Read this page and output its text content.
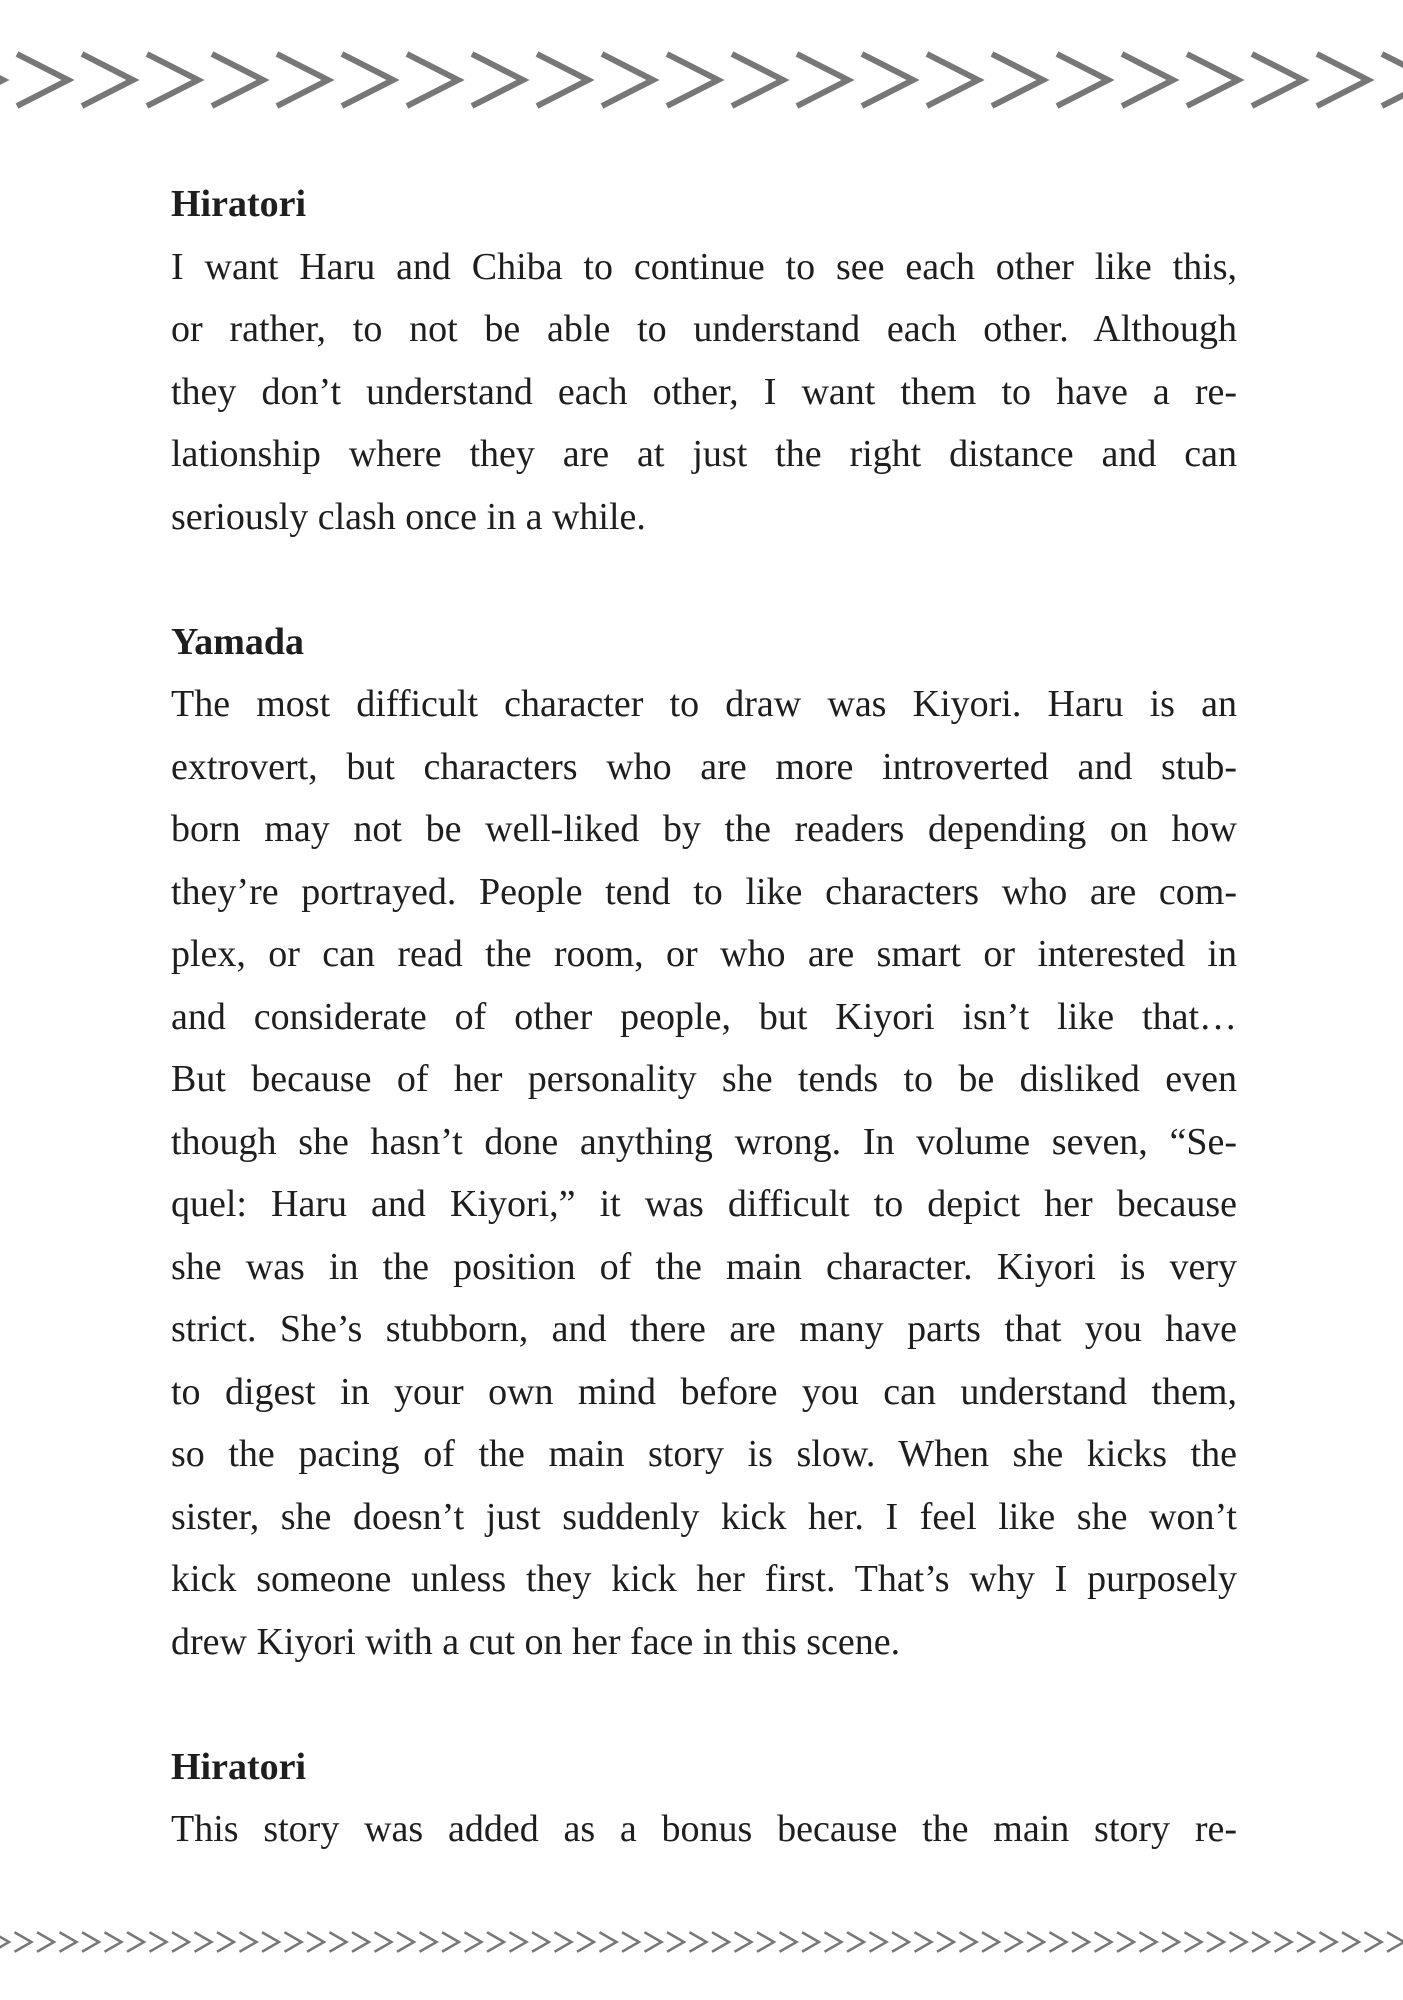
Hiratori
I want Haru and Chiba to continue to see each other like this,
or rather, to not be able to understand each other. Although
they don’t understand each other, I want them to have a re-
lationship where they are at just the right distance and can
seriously clash once in a while.
Yamada
The most difficult character to draw was Kiyori. Haru is an
extrovert, but characters who are more introverted and stub-
born may not be well-liked by the readers depending on how
they’re portrayed. People tend to like characters who are com-
plex, or can read the room, or who are smart or interested in
and considerate of other people, but Kiyori isn’t like that…
But because of her personality she tends to be disliked even
though she hasn’t done anything wrong. In volume seven, “Se-
quel: Haru and Kiyori,” it was difficult to depict her because
she was in the position of the main character. Kiyori is very
strict. She’s stubborn, and there are many parts that you have
to digest in your own mind before you can understand them,
so the pacing of the main story is slow. When she kicks the
sister, she doesn’t just suddenly kick her. I feel like she won’t
kick someone unless they kick her first. That’s why I purposely
drew Kiyori with a cut on her face in this scene.
Hiratori
This story was added as a bonus because the main story re-
